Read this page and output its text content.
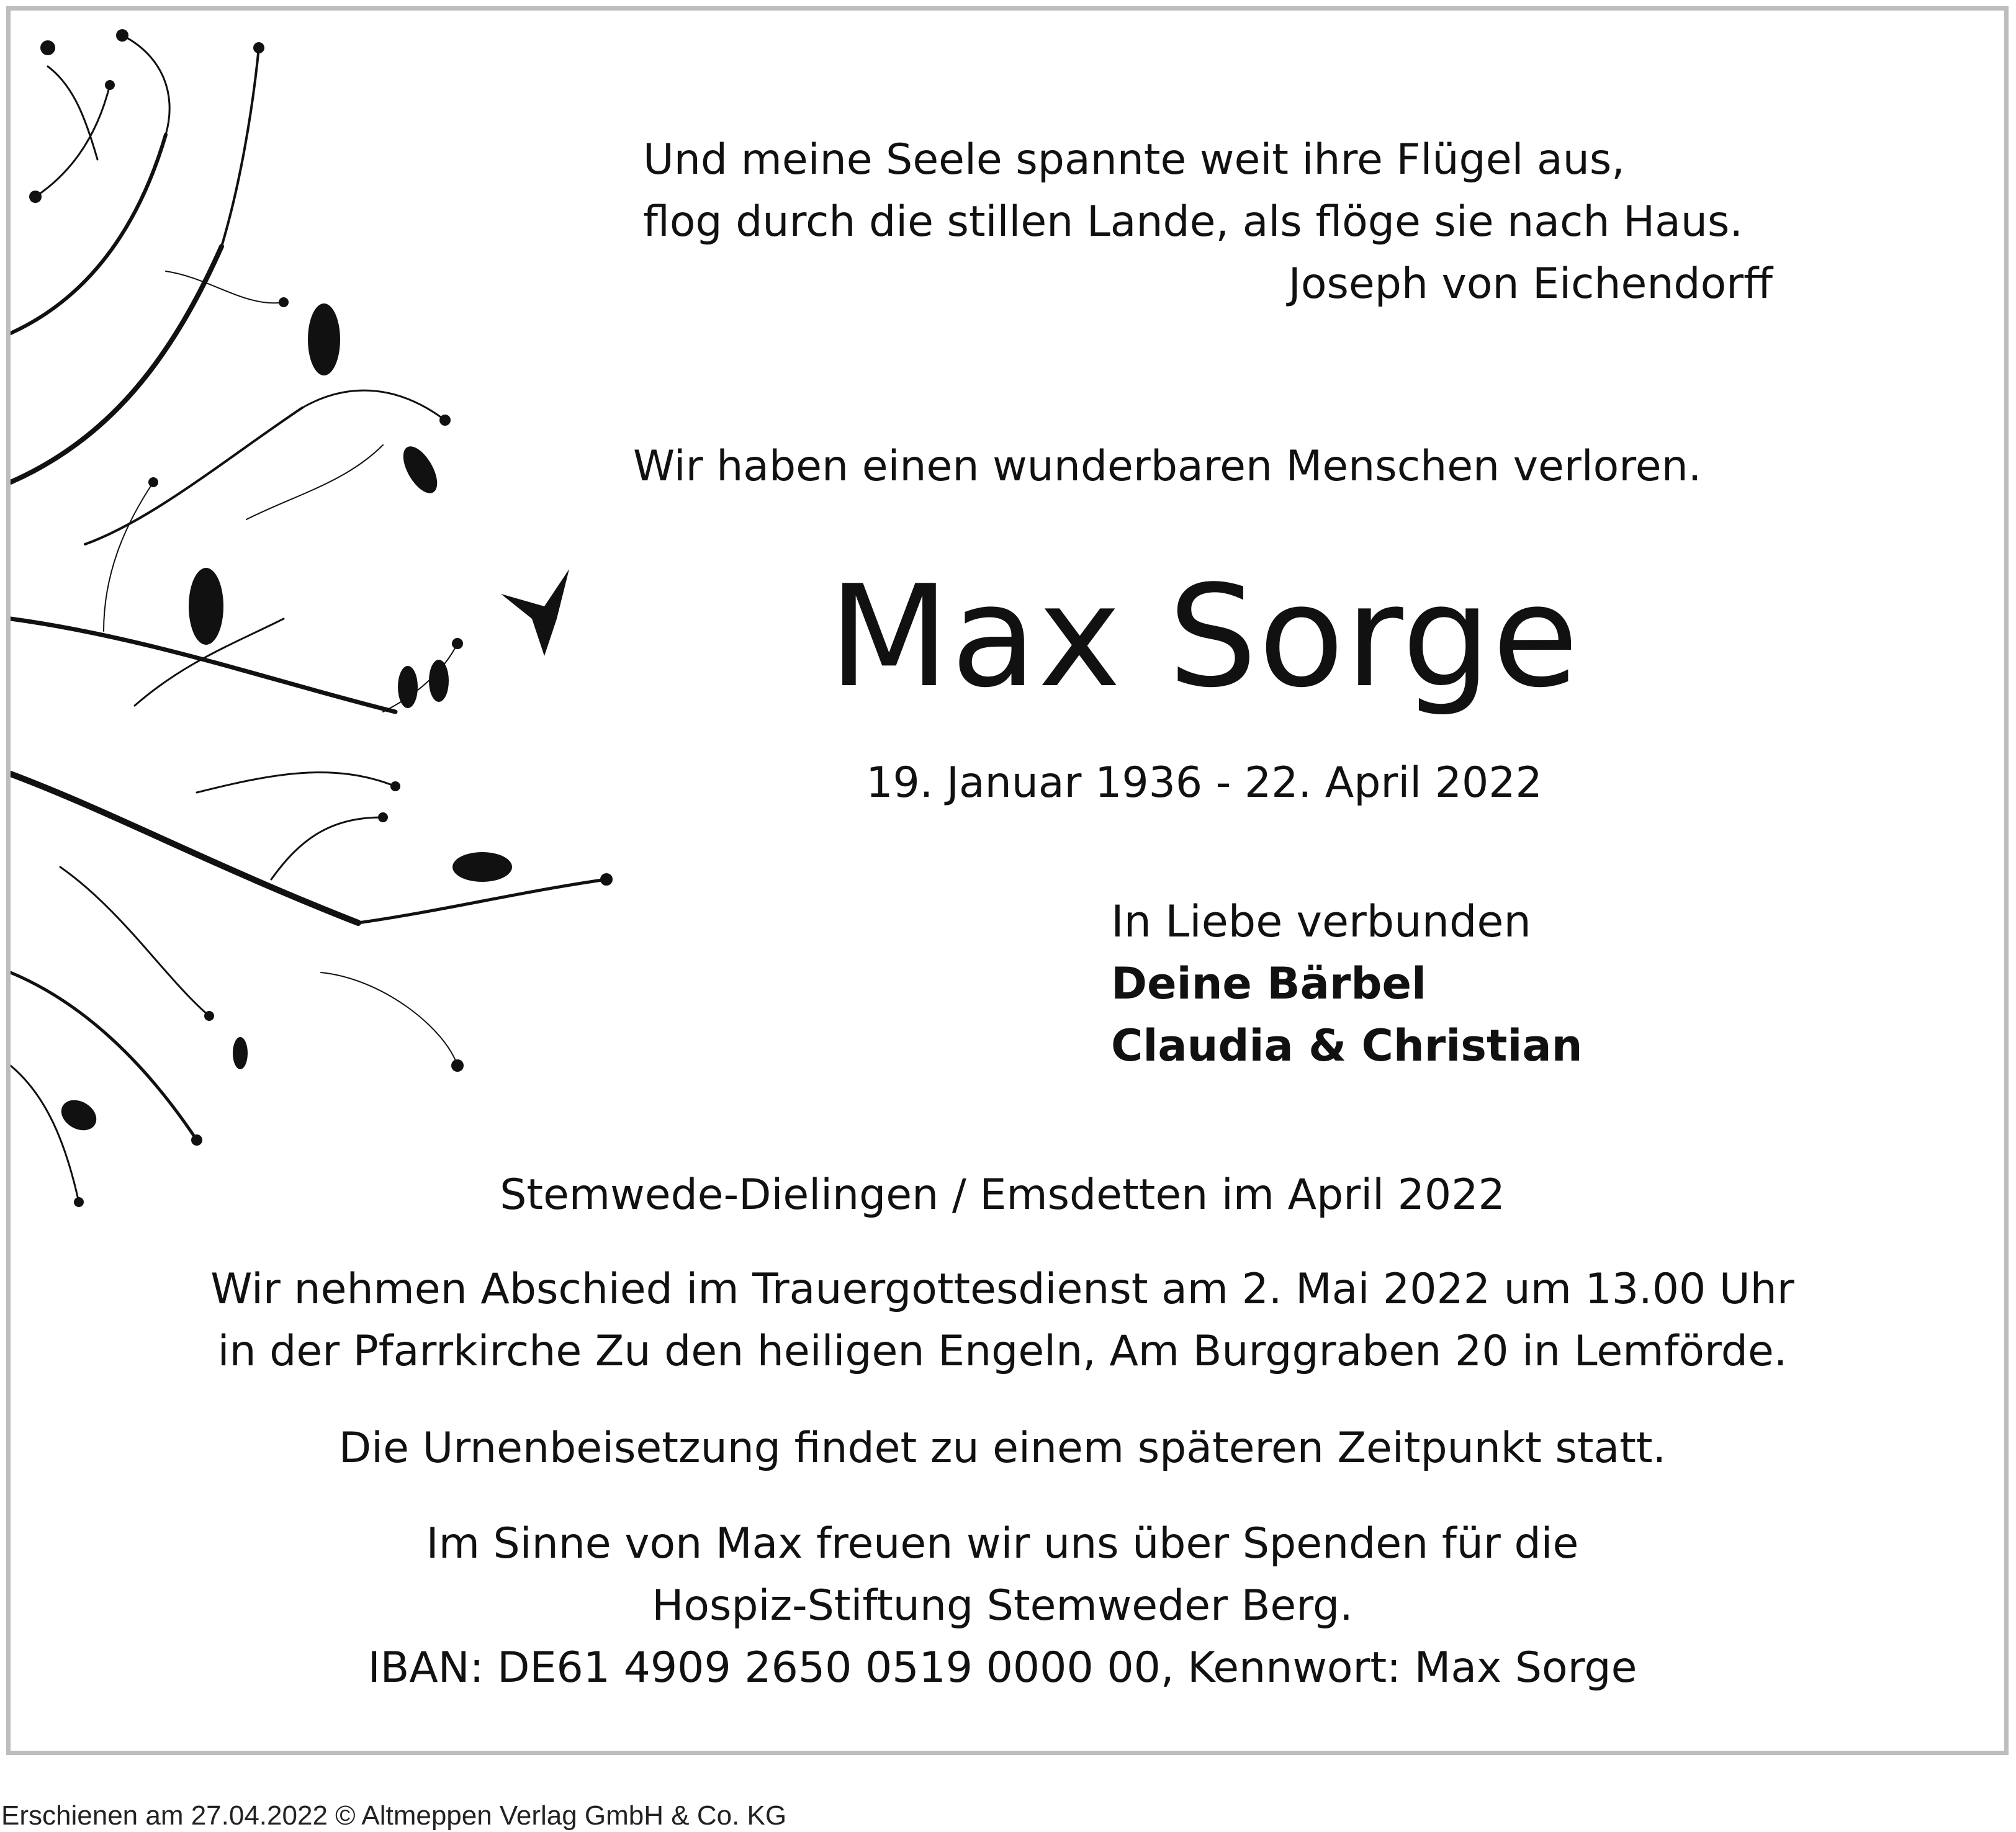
Und meine Seele spannte weit ihre Flügel aus,
flog durch die stillen Lande, als flöge sie nach Haus.
Joseph von Eichendorff
Wir haben einen wunderbaren Menschen verloren.
Max Sorge
19. Januar 1936 - 22. April 2022
In Liebe verbunden
Deine Bärbel
Claudia & Christian
Stemwede-Dielingen / Emsdetten im April 2022
Wir nehmen Abschied im Trauergottesdienst am 2. Mai 2022 um 13.00 Uhr
in der Pfarrkirche Zu den heiligen Engeln, Am Burggraben 20 in Lemförde.
Die Urnenbeisetzung findet zu einem späteren Zeitpunkt statt.
Im Sinne von Max freuen wir uns über Spenden für die
Hospiz-Stiftung Stemweder Berg.
IBAN: DE61 4909 2650 0519 0000 00, Kennwort: Max Sorge
Erschienen am 27.04.2022 © Altmeppen Verlag GmbH & Co. KG
